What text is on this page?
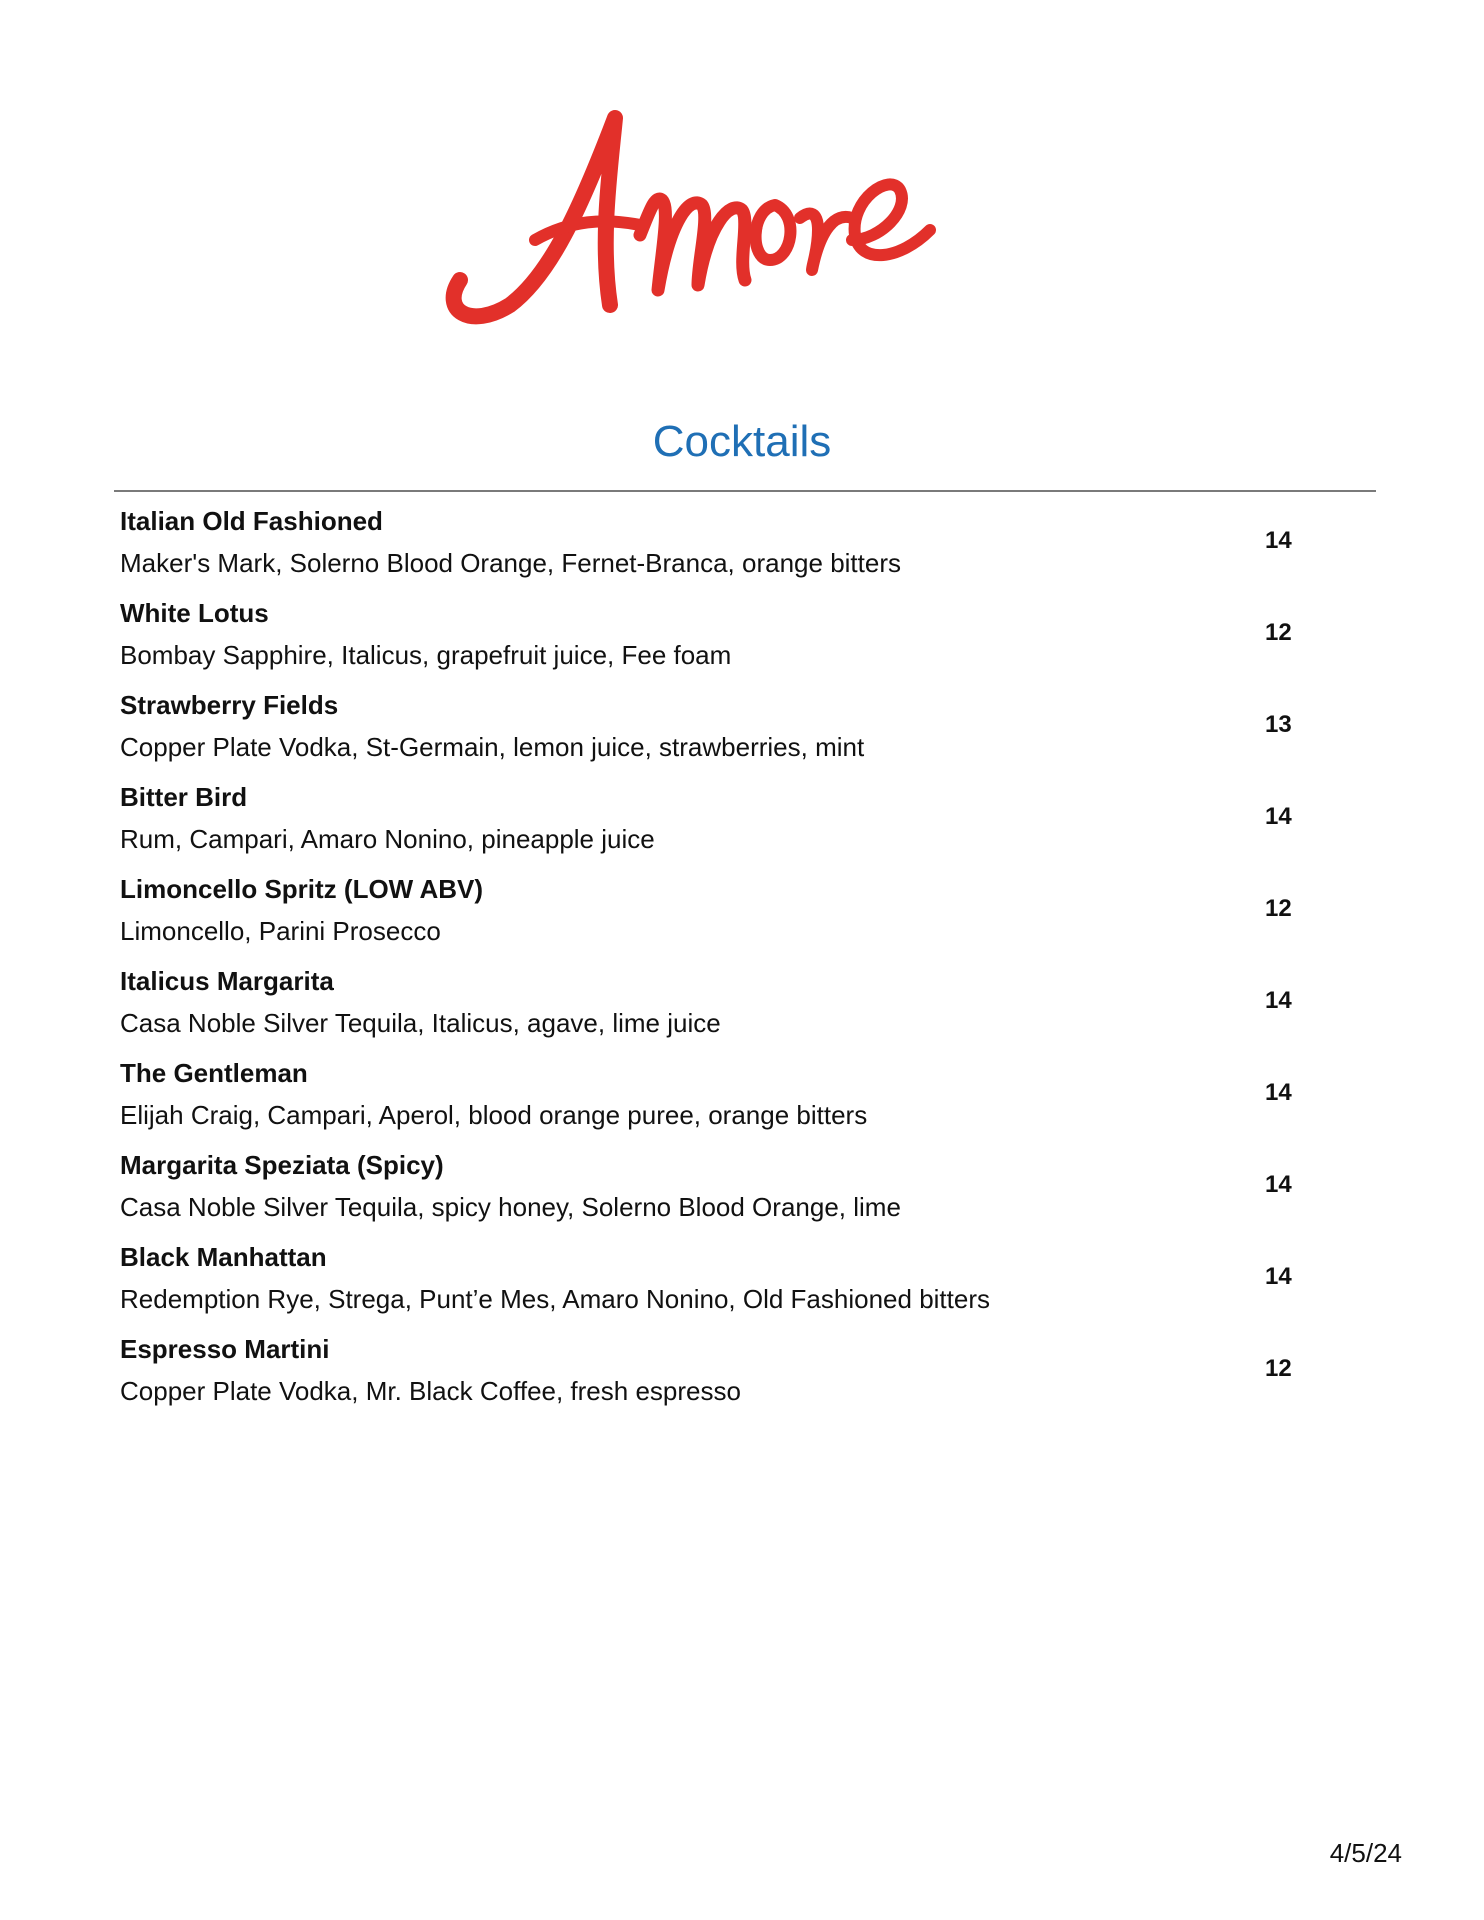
Cocktails
Italian Old Fashioned
Maker's Mark, Solerno Blood Orange, Fernet-Branca, orange bitters
14
White Lotus
Bombay Sapphire, Italicus, grapefruit juice, Fee foam
12
Strawberry Fields
Copper Plate Vodka, St-Germain, lemon juice, strawberries, mint
13
Bitter Bird
Rum, Campari, Amaro Nonino, pineapple juice
14
Limoncello Spritz (LOW ABV)
Limoncello, Parini Prosecco
12
Italicus Margarita
Casa Noble Silver Tequila, Italicus, agave, lime juice
14
The Gentleman
Elijah Craig, Campari, Aperol, blood orange puree, orange bitters
14
Margarita Speziata (Spicy)
Casa Noble Silver Tequila, spicy honey, Solerno Blood Orange, lime
14
Black Manhattan
Redemption Rye, Strega, Punt’e Mes, Amaro Nonino, Old Fashioned bitters
14
Espresso Martini
Copper Plate Vodka, Mr. Black Coffee, fresh espresso
12
4/5/24
